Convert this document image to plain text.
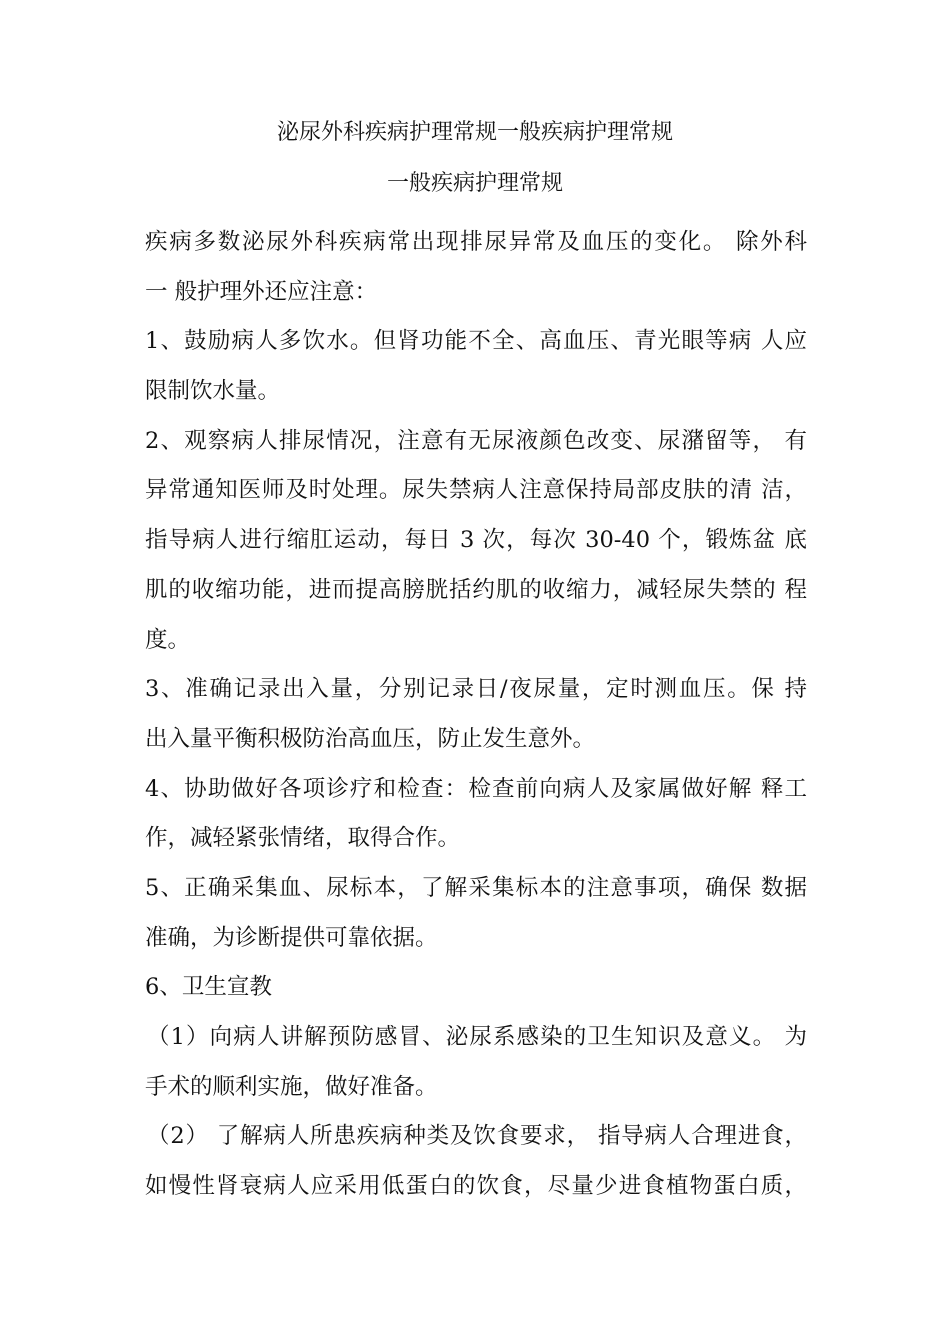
泌尿外科疾病护理常规一般疾病护理常规
一般疾病护理常规
疾病多数泌尿外科疾病常出现排尿异常及血压的变化。 除外科
一 般护理外还应注意：
1、鼓励病人多饮水。但肾功能不全、高血压、青光眼等病 人应
限制饮水量。
2、观察病人排尿情况，注意有无尿液颜色改变、尿潴留等， 有
异常通知医师及时处理。尿失禁病人注意保持局部皮肤的清 洁，
指导病人进行缩肛运动，每日 3 次，每次 30-40 个，锻炼盆 底
肌的收缩功能，进而提高膀胱括约肌的收缩力，减轻尿失禁的 程
度。
3、准确记录出入量，分别记录日/夜尿量，定时测血压。保 持
出入量平衡积极防治高血压，防止发生意外。
4、协助做好各项诊疗和检查：检查前向病人及家属做好解 释工
作，减轻紧张情绪，取得合作。
5、正确采集血、尿标本，了解采集标本的注意事项，确保 数据
准确，为诊断提供可靠依据。
6、卫生宣教
（1）向病人讲解预防感冒、泌尿系感染的卫生知识及意义。 为
手术的顺利实施，做好准备。
（2） 了解病人所患疾病种类及饮食要求， 指导病人合理进食，
如慢性肾衰病人应采用低蛋白的饮食，尽量少进食植物蛋白质，
